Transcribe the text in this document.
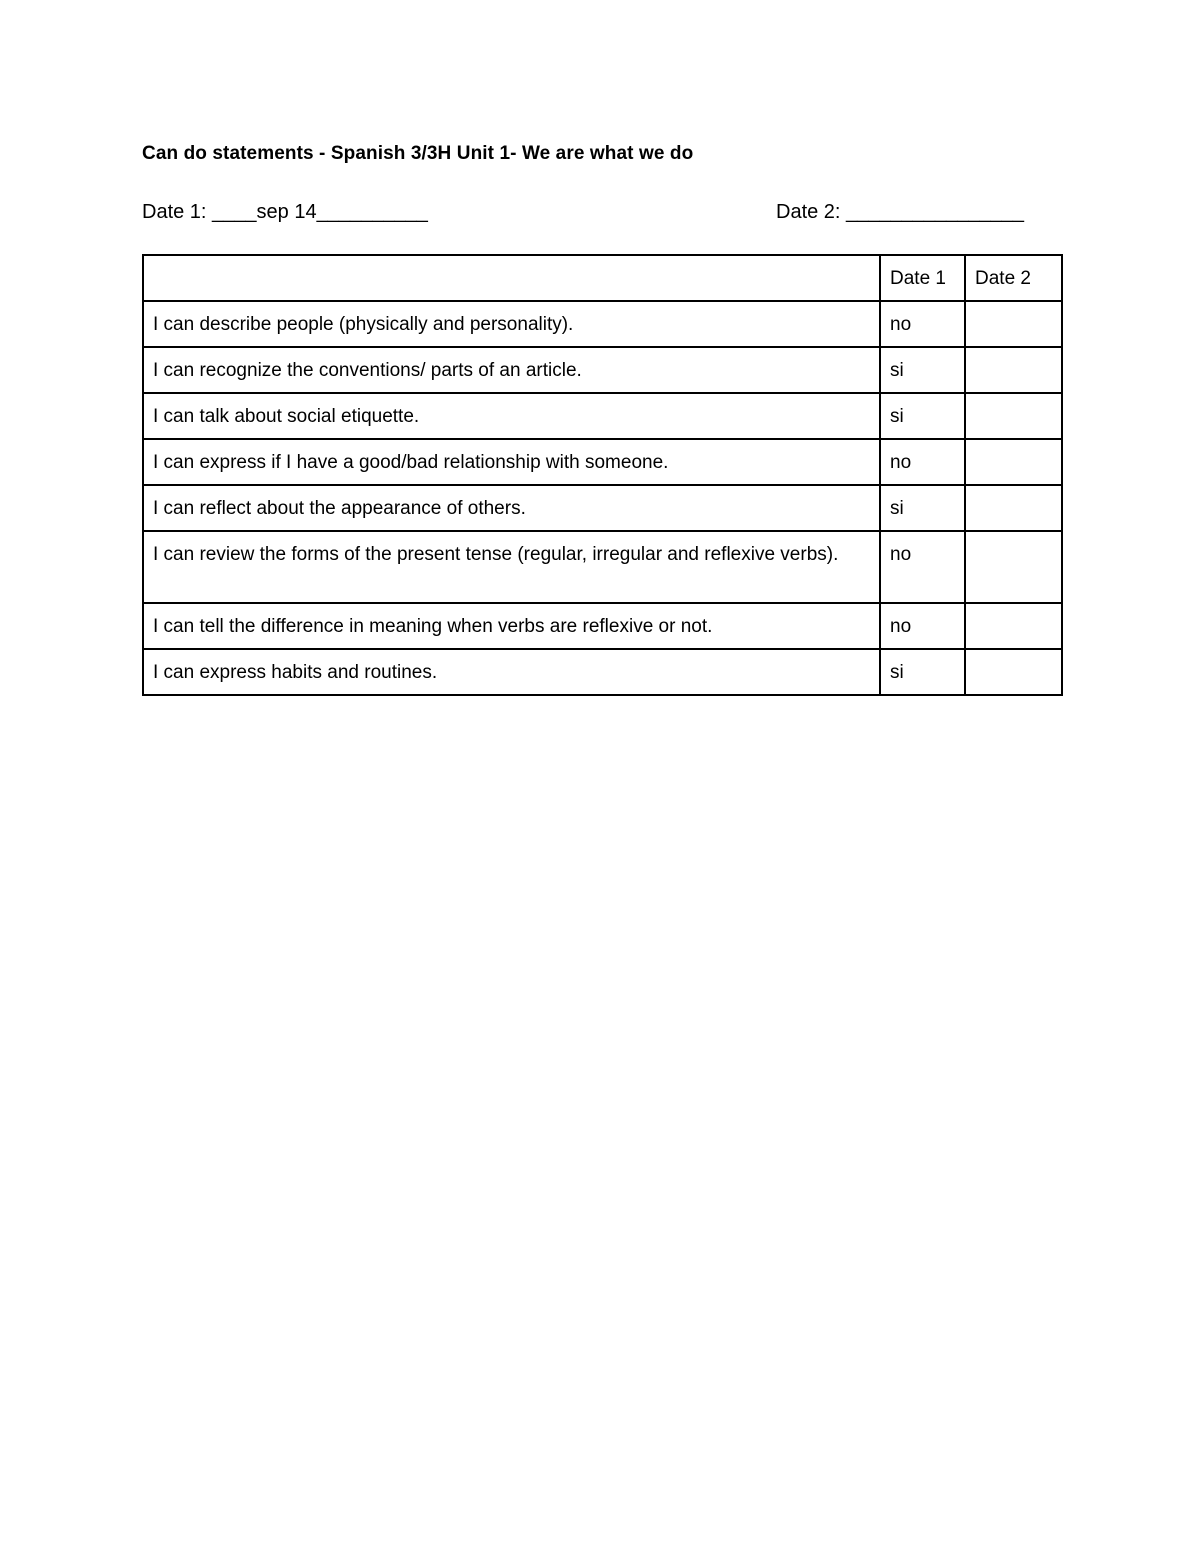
Can do statements - Spanish 3/3H Unit 1- We are what we do
Date 1: ____sep 14__________	Date 2: ________________
	Date 1	Date 2
I can describe people (physically and personality).	no	
I can recognize the conventions/ parts of an article.	si	
I can talk about social etiquette.	si	
I can express if I have a good/bad relationship with someone.	no	
I can reflect about the appearance of others.	si	
I can review the forms of the present tense (regular, irregular and reflexive verbs).	no	
I can tell the difference in meaning when verbs are reflexive or not.	no	
I can express habits and routines.	si	
